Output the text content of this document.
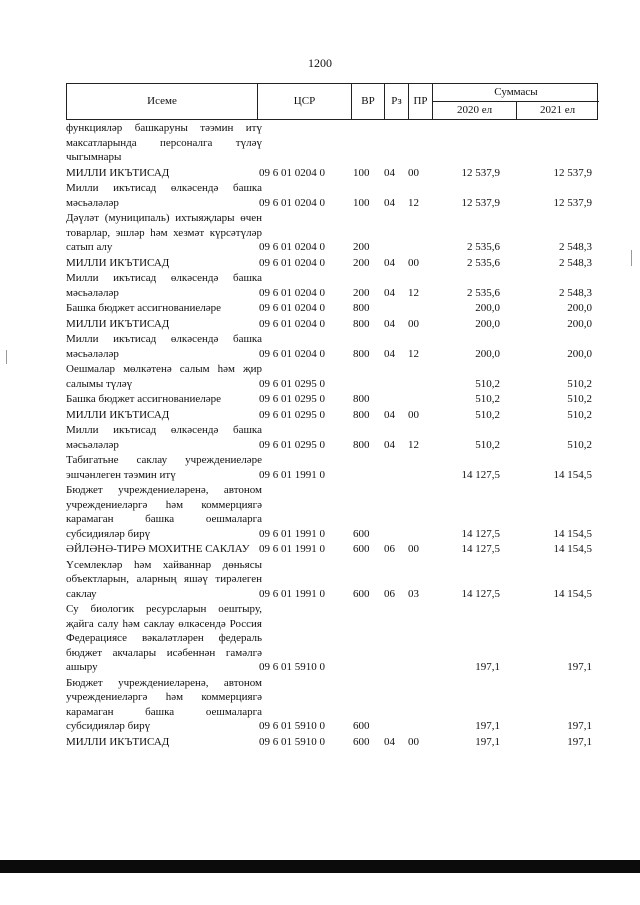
1200
Исеме	ЦСР	ВР	Рз	ПР
Суммасы
2020 ел	2021 ел
функцияләр башкаруны тәэмин итү максатларында персоналга түләү чыгымнары
МИЛЛИ ИКЪТИСАД	09 6 01 0204 0	100 04 00	12 537,9	12 537,9
Милли икътисад өлкәсендә башка мәсьәләләр	09 6 01 0204 0	100 04 12	12 537,9	12 537,9
Дәүләт (муниципаль) ихтыяҗлары өчен товарлар, эшләр һәм хезмәт күрсәтүләр сатып алу	09 6 01 0204 0	200	2 535,6	2 548,3
МИЛЛИ ИКЪТИСАД	09 6 01 0204 0	200 04 00	2 535,6	2 548,3
Милли икътисад өлкәсендә башка мәсьәләләр	09 6 01 0204 0	200 04 12	2 535,6	2 548,3
Башка бюджет ассигнованиеләре	09 6 01 0204 0	800	200,0	200,0
МИЛЛИ ИКЪТИСАД	09 6 01 0204 0	800 04 00	200,0	200,0
Милли икътисад өлкәсендә башка мәсьәләләр	09 6 01 0204 0	800 04 12	200,0	200,0
Оешмалар мөлкәтенә салым һәм җир салымы түләү	09 6 01 0295 0	510,2	510,2
Башка бюджет ассигнованиеләре	09 6 01 0295 0	800	510,2	510,2
МИЛЛИ ИКЪТИСАД	09 6 01 0295 0	800 04 00	510,2	510,2
Милли икътисад өлкәсендә башка мәсьәләләр	09 6 01 0295 0	800 04 12	510,2	510,2
Табигатьне саклау учреждениеләре эшчәнлеген тәэмин итү	09 6 01 1991 0	14 127,5	14 154,5
Бюджет учреждениеләренә, автоном учреждениеләргә һәм коммерциягә карамаган башка оешмаларга субсидияләр бирү	09 6 01 1991 0	600	14 127,5	14 154,5
ӘЙЛӘНӘ-ТИРӘ МОХИТНЕ САКЛАУ 09 6 01 1991 0	600 06 00	14 127,5	14 154,5
Үсемлекләр һәм хайваннар дөньясы объектларын, аларның яшәү тирәлеген саклау	09 6 01 1991 0	600 06 03	14 127,5	14 154,5
Су биологик ресурсларын оештыру, җайга салу һәм саклау өлкәсендә Россия Федерациясе вәкаләтләрен федераль бюджет акчалары исәбеннән гамәлгә ашыру	09 6 01 5910 0	197,1	197,1
Бюджет учреждениеләренә, автоном учреждениеләргә һәм коммерциягә карамаган башка оешмаларга субсидияләр бирү	09 6 01 5910 0	600	197,1	197,1
МИЛЛИ ИКЪТИСАД	09 6 01 5910 0	600 04 00	197,1	197,1
